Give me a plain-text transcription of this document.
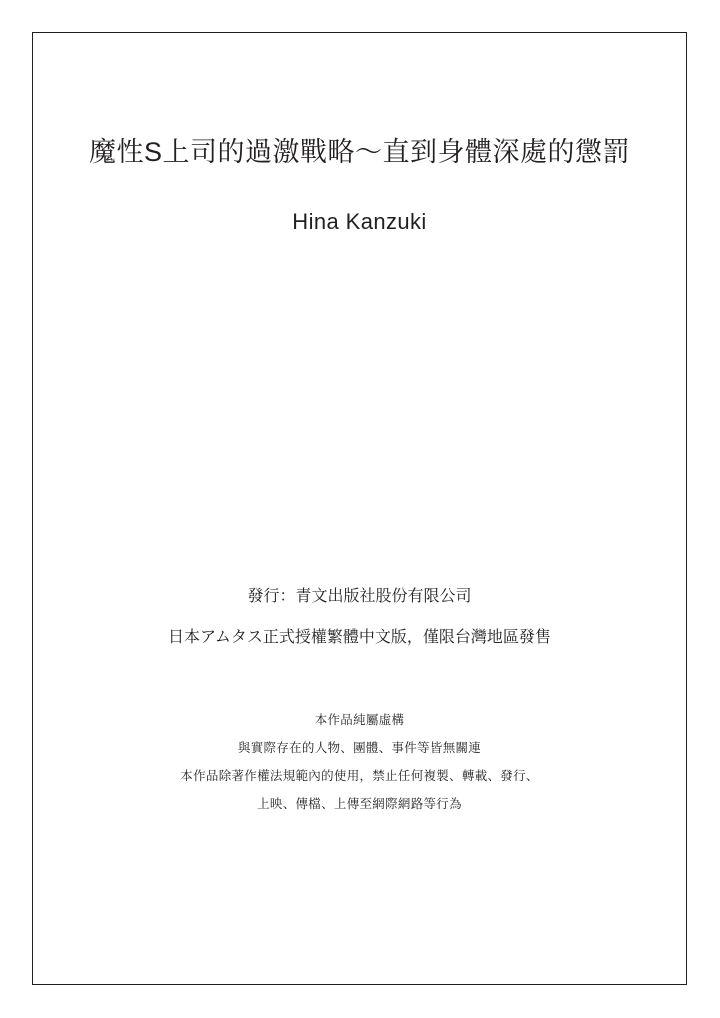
魔性S上司的過激戰略～直到身體深處的懲罰
Hina Kanzuki
發行：青文出版社股份有限公司
日本アムタス正式授權繁體中文版，僅限台灣地區發售
本作品純屬虛構
與實際存在的人物、團體、事件等皆無關連
本作品除著作權法規範內的使用，禁止任何複製、轉載、發行、
上映、傳檔、上傳至網際網路等行為
